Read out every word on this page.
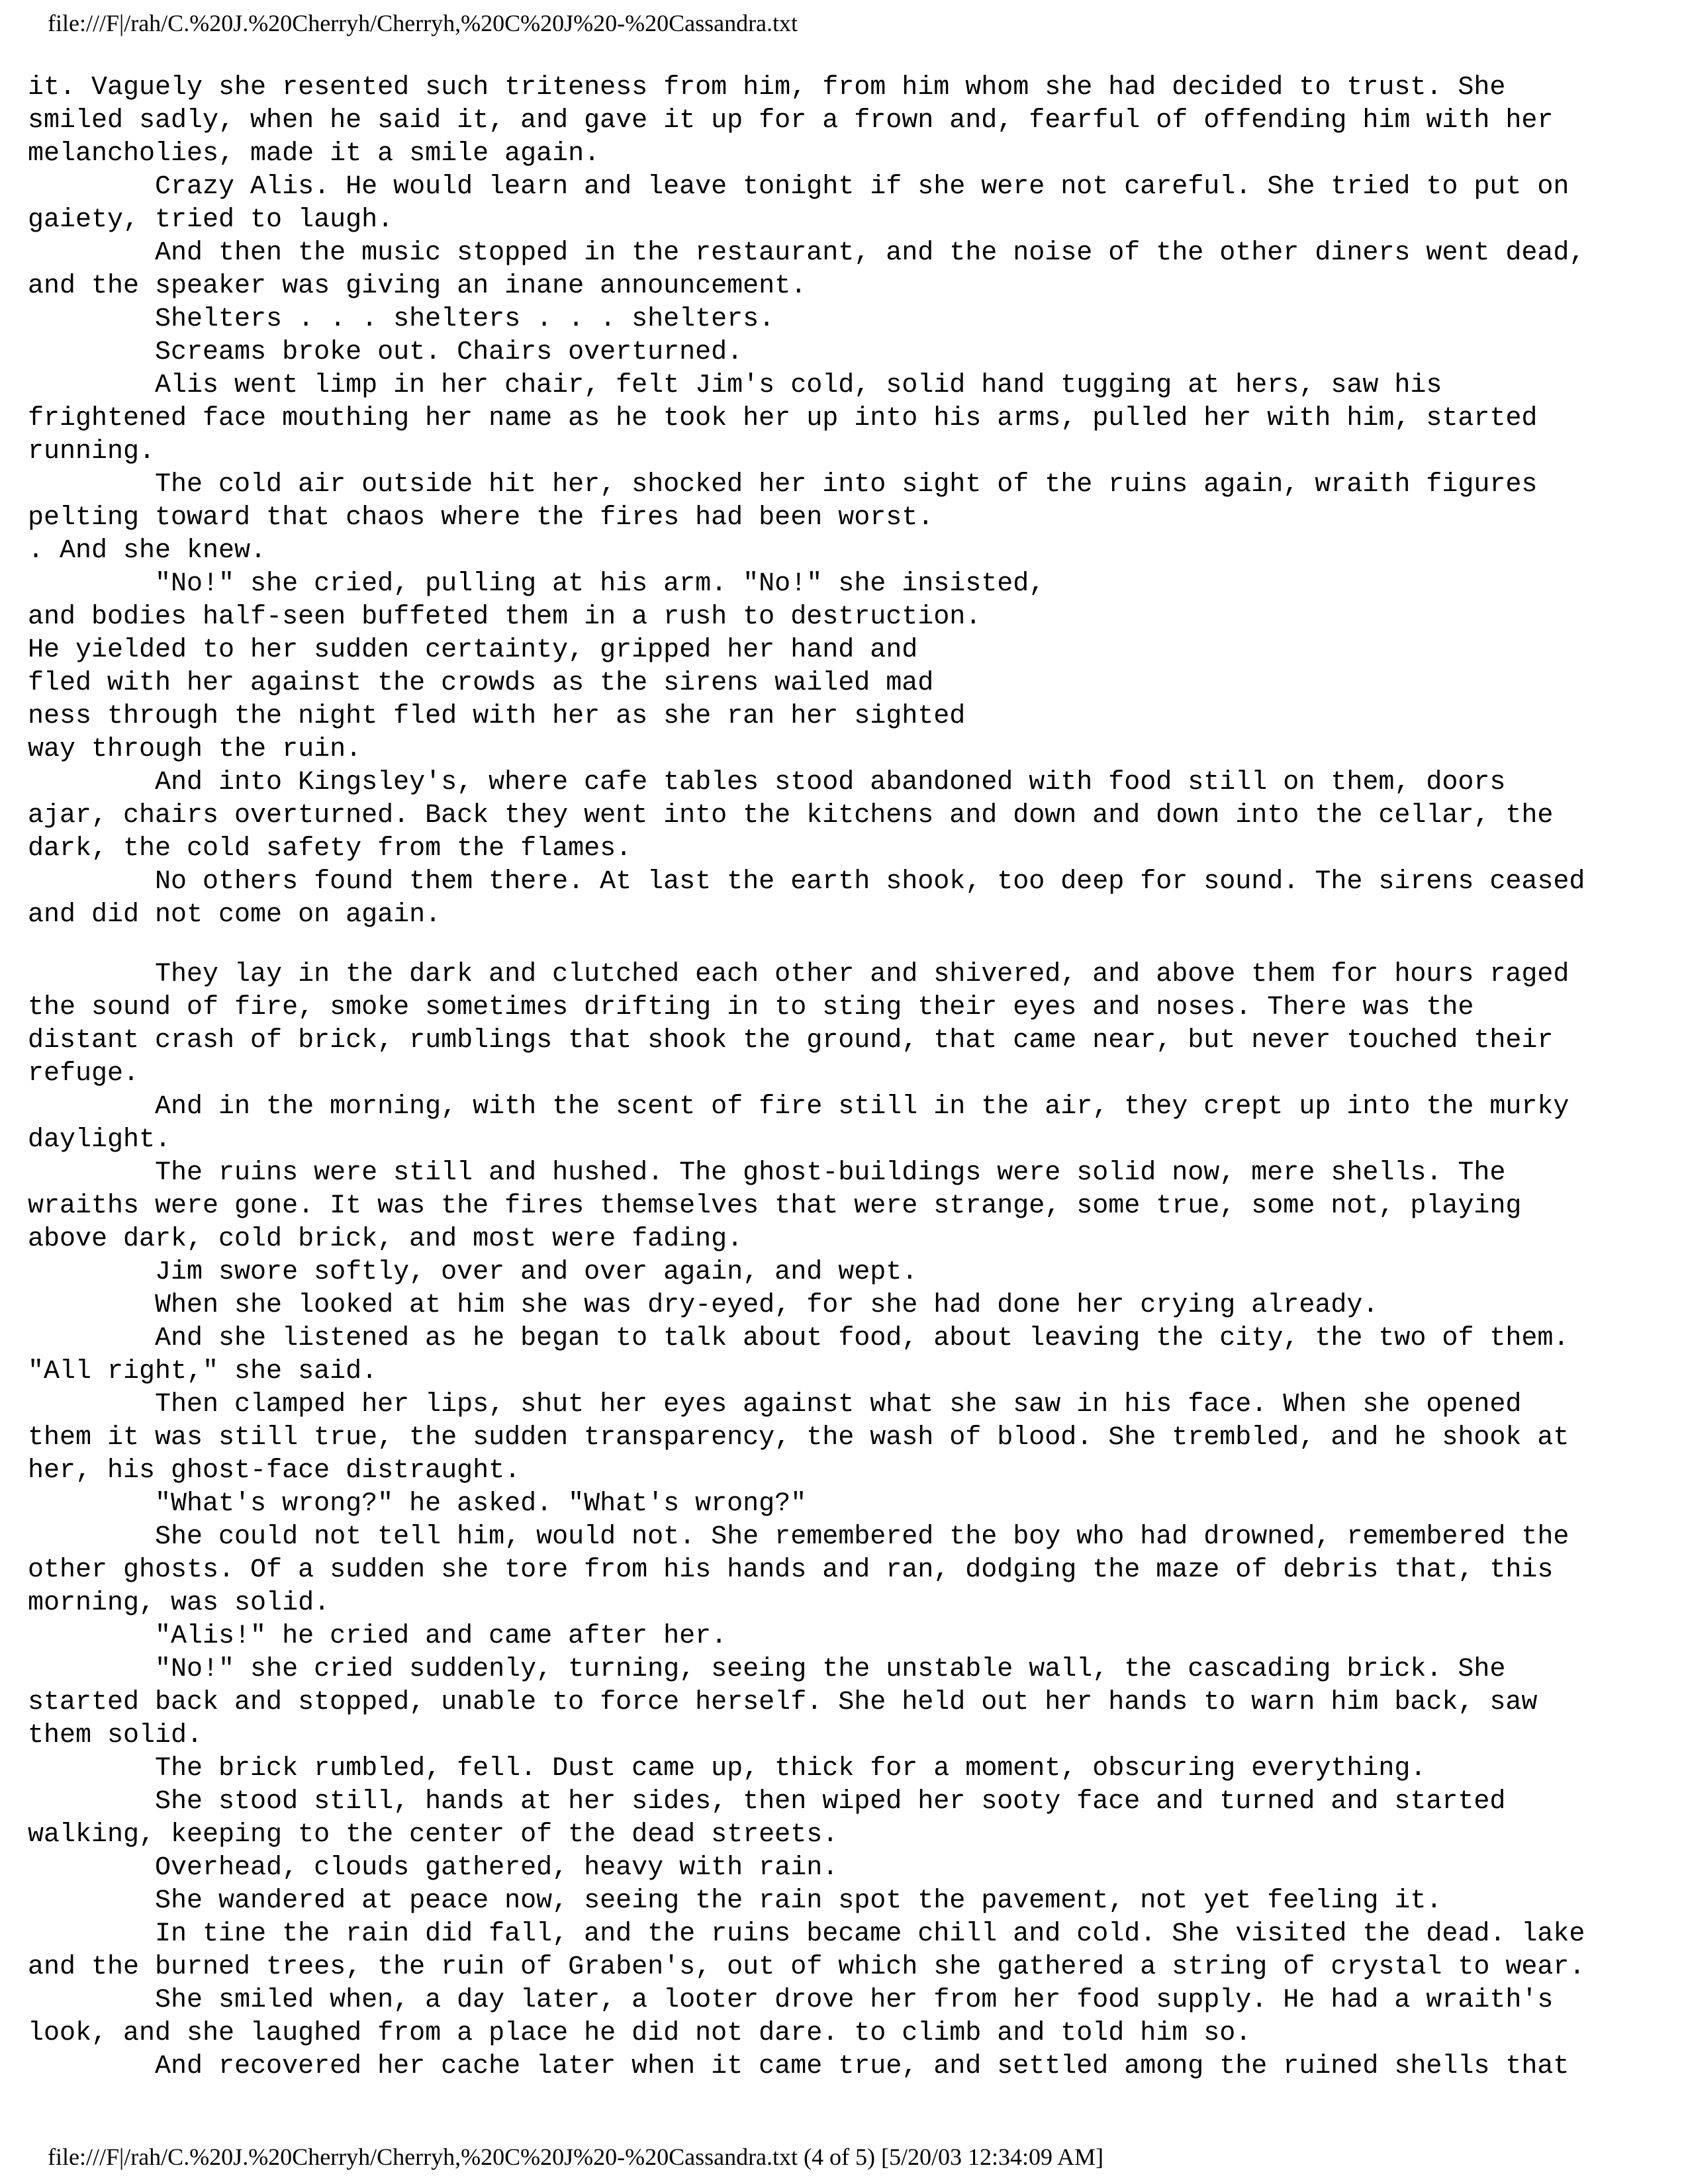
file:///F|/rah/C.%20J.%20Cherryh/Cherryh,%20C%20J%20-%20Cassandra.txt
it. Vaguely she resented such triteness from him, from him whom she had decided to trust. She
smiled sadly, when he said it, and gave it up for a frown and, fearful of offending him with her
melancholies, made it a smile again.
Crazy Alis. He would learn and leave tonight if she were not careful. She tried to put on
gaiety, tried to laugh.
And then the music stopped in the restaurant, and the noise of the other diners went dead,
and the speaker was giving an inane announcement.
Shelters . . . shelters . . . shelters.
Screams broke out. Chairs overturned.
Alis went limp in her chair, felt Jim's cold, solid hand tugging at hers, saw his
frightened face mouthing her name as he took her up into his arms, pulled her with him, started
running.
The cold air outside hit her, shocked her into sight of the ruins again, wraith figures
pelting toward that chaos where the fires had been worst.
. And she knew.
"No!" she cried, pulling at his arm. "No!" she insisted,
and bodies half-seen buffeted them in a rush to destruction.
He yielded to her sudden certainty, gripped her hand and
fled with her against the crowds as the sirens wailed mad
ness through the night fled with her as she ran her sighted
way through the ruin.
And into Kingsley's, where cafe tables stood abandoned with food still on them, doors
ajar, chairs overturned. Back they went into the kitchens and down and down into the cellar, the
dark, the cold safety from the flames.
No others found them there. At last the earth shook, too deep for sound. The sirens ceased
and did not come on again.
They lay in the dark and clutched each other and shivered, and above them for hours raged
the sound of fire, smoke sometimes drifting in to sting their eyes and noses. There was the
distant crash of brick, rumblings that shook the ground, that came near, but never touched their
refuge.
And in the morning, with the scent of fire still in the air, they crept up into the murky
daylight.
The ruins were still and hushed. The ghost-buildings were solid now, mere shells. The
wraiths were gone. It was the fires themselves that were strange, some true, some not, playing
above dark, cold brick, and most were fading.
Jim swore softly, over and over again, and wept.
When she looked at him she was dry-eyed, for she had done her crying already.
And she listened as he began to talk about food, about leaving the city, the two of them.
"All right," she said.
Then clamped her lips, shut her eyes against what she saw in his face. When she opened
them it was still true, the sudden transparency, the wash of blood. She trembled, and he shook at
her, his ghost-face distraught.
"What's wrong?" he asked. "What's wrong?"
She could not tell him, would not. She remembered the boy who had drowned, remembered the
other ghosts. Of a sudden she tore from his hands and ran, dodging the maze of debris that, this
morning, was solid.
"Alis!" he cried and came after her.
"No!" she cried suddenly, turning, seeing the unstable wall, the cascading brick. She
started back and stopped, unable to force herself. She held out her hands to warn him back, saw
them solid.
The brick rumbled, fell. Dust came up, thick for a moment, obscuring everything.
She stood still, hands at her sides, then wiped her sooty face and turned and started
walking, keeping to the center of the dead streets.
Overhead, clouds gathered, heavy with rain.
She wandered at peace now, seeing the rain spot the pavement, not yet feeling it.
In tine the rain did fall, and the ruins became chill and cold. She visited the dead. lake
and the burned trees, the ruin of Graben's, out of which she gathered a string of crystal to wear.
She smiled when, a day later, a looter drove her from her food supply. He had a wraith's
look, and she laughed from a place he did not dare. to climb and told him so.
And recovered her cache later when it came true, and settled among the ruined shells that
file:///F|/rah/C.%20J.%20Cherryh/Cherryh,%20C%20J%20-%20Cassandra.txt (4 of 5) [5/20/03 12:34:09 AM]
